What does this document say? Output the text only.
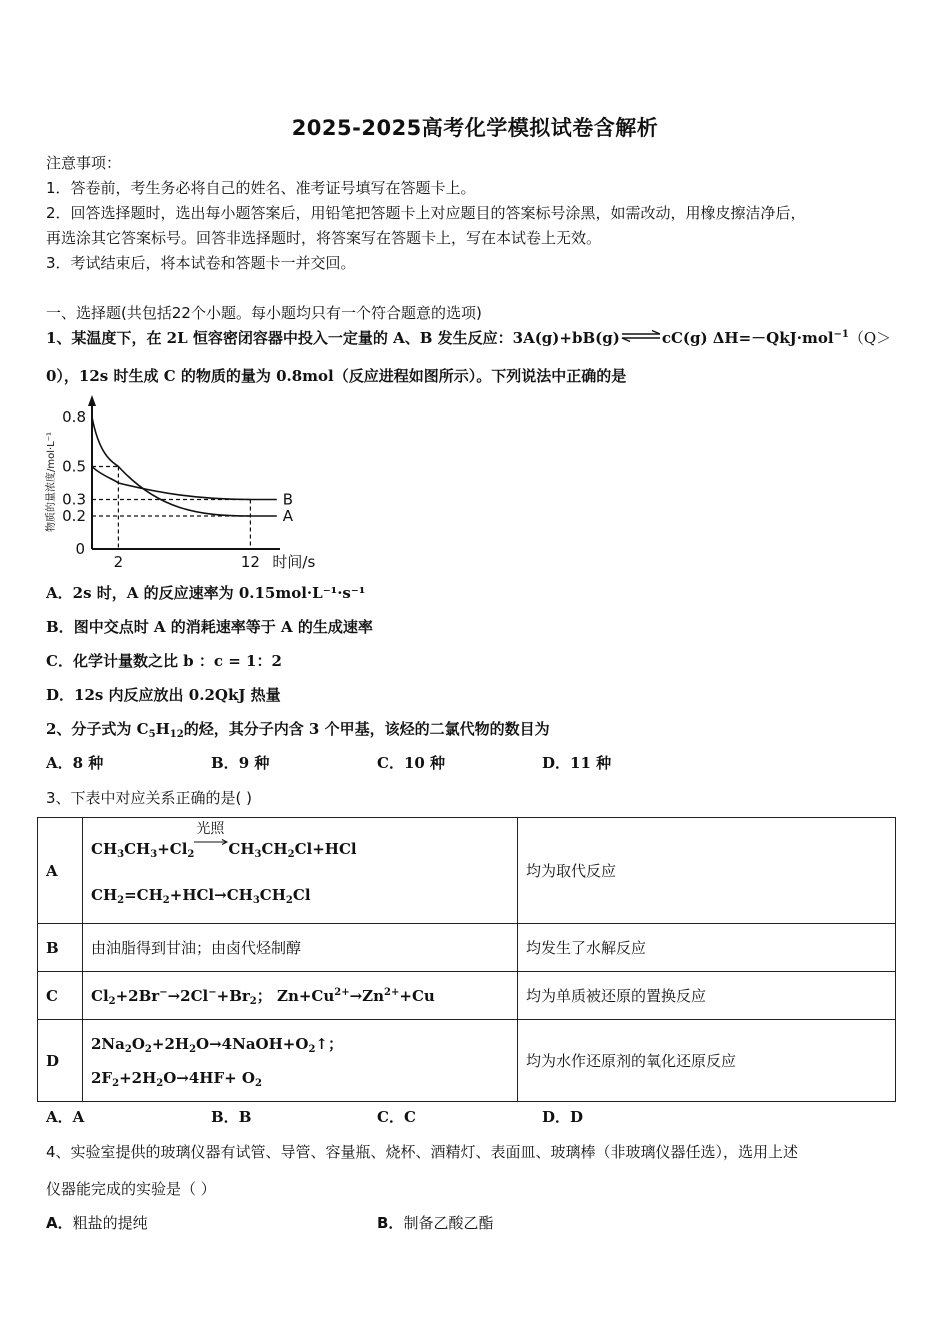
2025-2025高考化学模拟试卷含解析
注意事项：
1．答卷前，考生务必将自己的姓名、准考证号填写在答题卡上。
2．回答选择题时，选出每小题答案后，用铅笔把答题卡上对应题目的答案标号涂黑，如需改动，用橡皮擦洁净后，
再选涂其它答案标号。回答非选择题时，将答案写在答题卡上，写在本试卷上无效。
3．考试结束后，将本试卷和答题卡一并交回。
一、选择题(共包括22个小题。每小题均只有一个符合题意的选项)
1、某温度下，在 2L 恒容密闭容器中投入一定量的 A、B 发生反应：3A(g)+bB(g)⇌cC(g) ΔH=－QkJ·mol$^{-1}$（Q＞
0），12s 时生成 C 的物质的量为 0.8mol（反应进程如图所示）。下列说法中正确的是
物质的量浓度/mol·L⁻¹
0.8
0.5
0.3
0.2
0
2	12 时间/s
A
B
A．2s 时，A 的反应速率为 0.15mol·L⁻¹·s⁻¹
B．图中交点时 A 的消耗速率等于 A 的生成速率
C．化学计量数之比 b ：c = 1：2
D．12s 内反应放出 0.2QkJ 热量
2、分子式为 $C_5H_{12}$的烃，其分子内含 3 个甲基，该烃的二氯代物的数目为
A．8 种	B．9 种	C．10 种	D．11 种
3、下表中对应关系正确的是( )
A	$CH_3CH_3+Cl_2$
光照
$CH_3CH_2Cl+HCl$
$CH_2=CH_2+HCl\to CH_3CH_2Cl$	均为取代反应
B	由油脂得到甘油；由卤代烃制醇	均发生了水解反应
C	$Cl_2+2Br^-\to 2Cl^-+Br_2$； $Zn+Cu^{2+}\to Zn^{2+}+Cu$	均为单质被还原的置换反应
D	$2Na_2O_2+2H_2O\to 4NaOH+O_2↑$；
$2F_2+2H_2O\to 4HF+ O_2$	均为水作还原剂的氧化还原反应
A．A	B．B	C．C	D．D
4、实验室提供的玻璃仪器有试管、导管、容量瓶、烧杯、酒精灯、表面皿、玻璃棒（非玻璃仪器任选），选用上述
仪器能完成的实验是（ ）
A．粗盐的提纯	B．制备乙酸乙酯
